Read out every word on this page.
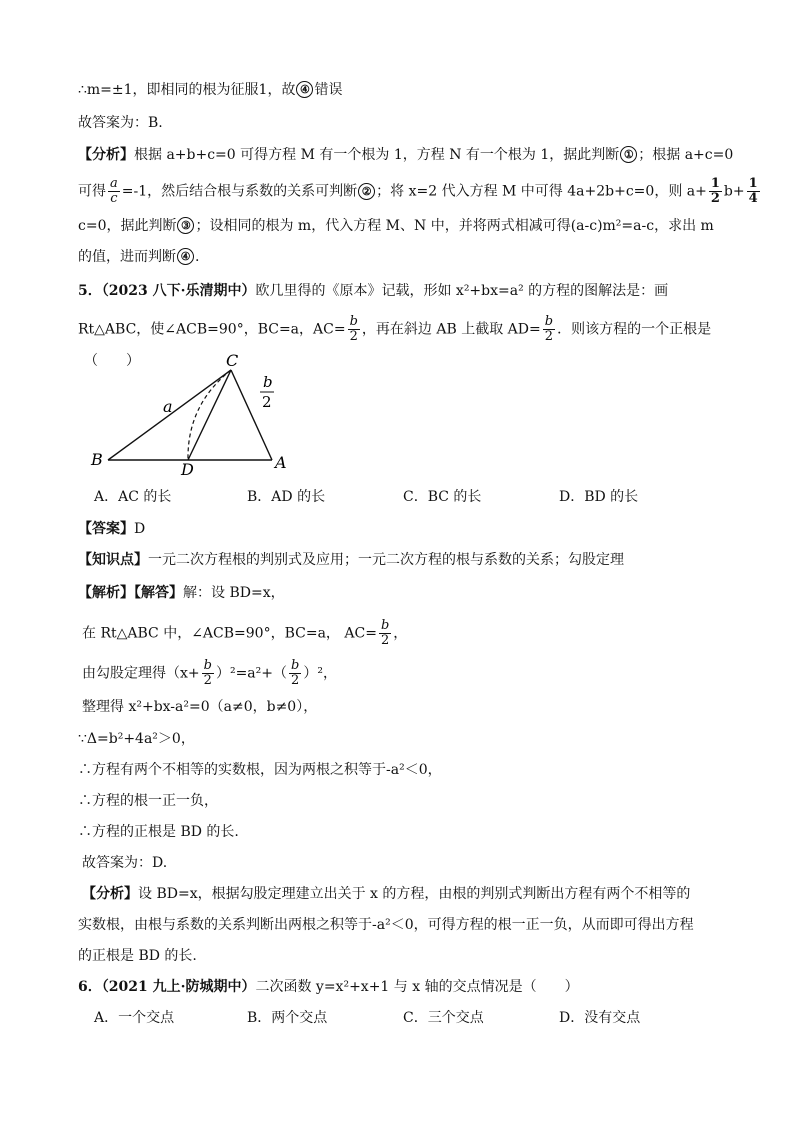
∴m=±1，即相同的根为征服1，故 ④ 错误
故答案为：B.
【分析】根据 a+b+c=0 可得方程 M 有一个根为 1，方程 N 有一个根为 1，据此判断 ① ；根据 a+c=0
可得 $\frac{a}{c} =-1$，然后结合根与系数的关系可判断 ② ；将 x=2 代入方程 M 中可得 4a+2b+c=0，则 $a+ \frac{1}{2} b+ \frac{1}{4}$
c=0，据此判断 ③ ；设相同的根为 m，代入方程 M、N 中，并将两式相减可得(a-c)m²=a-c，求出 m
的值，进而判断 ④ .
5．（2023 八下·乐清期中）欧几里得的《原本》记载，形如 x²+bx=a² 的方程的图解法是：画
Rt△ABC，使∠ACB=90°，BC=a，$AC= \frac{b}{2}$ ，再在斜边 AB 上截取 $AD= \frac{b}{2}$ ．则该方程的一个正根是
（　　）	C
B	A
D
a
b
2
A．AC 的长	B．AD 的长	C．BC 的长	D．BD 的长
【答案】D
【知识点】一元二次方程根的判别式及应用；一元二次方程的根与系数的关系；勾股定理
【解析】【解答】解：设 BD=x，
在 Rt△ABC 中，∠ACB=90°，BC=a， $AC= \frac{b}{2}$ ，
由勾股定理得$(x+ \frac{b}{2} )^2=a^2+( \frac{b}{2} )^2$，
整理得 x²+bx-a²=0（a≠0，b≠0），
∵Δ=b²+4a²＞0，
∴方程有两个不相等的实数根，因为两根之积等于-a²＜0，
∴方程的根一正一负，
∴方程的正根是 BD 的长.
故答案为：D.
【分析】设 BD=x，根据勾股定理建立出关于 x 的方程，由根的判别式判断出方程有两个不相等的
实数根，由根与系数的关系判断出两根之积等于-a²＜0，可得方程的根一正一负，从而即可得出方程
的正根是 BD 的长.
6．（2021 九上·防城期中）二次函数 y=x²+x+1 与 x 轴的交点情况是（　　）
A．一个交点	B．两个交点	C．三个交点	D．没有交点
